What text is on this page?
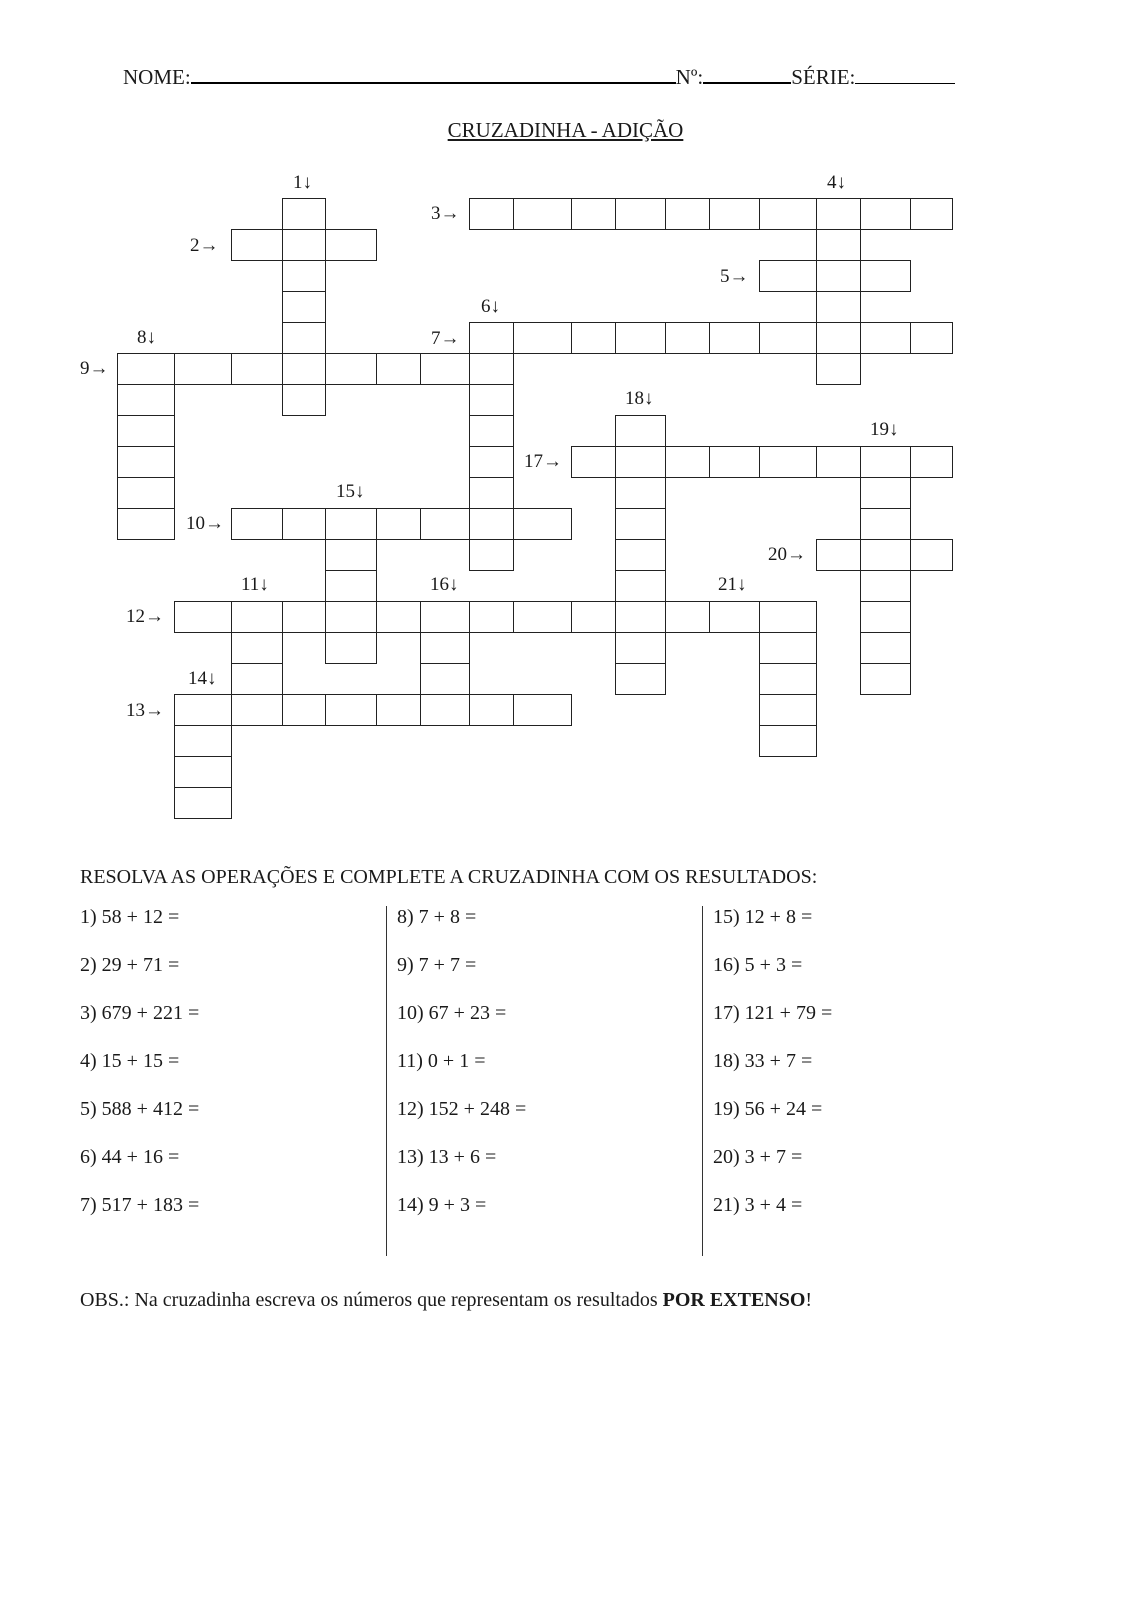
NOME:	Nº:	SÉRIE:
CRUZADINHA - ADIÇÃO
1↓
2→
3→
4↓
5→
6↓
7→
8↓
9→
10→
11↓
12→
13→
14↓
15↓
16↓
17→
18↓
19↓
20→
21↓
RESOLVA AS OPERAÇÕES E COMPLETE A CRUZADINHA COM OS RESULTADOS:
1) 58 + 12 =
2) 29 + 71 =
3) 679 + 221 =
4) 15 + 15 =
5) 588 + 412 =
6) 44 + 16 =
7) 517 + 183 =
8) 7 + 8 =
9) 7 + 7 =
10) 67 + 23 =
11) 0 + 1 =
12) 152 + 248 =
13) 13 + 6 =
14) 9 + 3 =
15) 12 + 8 =
16) 5 + 3 =
17) 121 + 79 =
18) 33 + 7 =
19) 56 + 24 =
20) 3 + 7 =
21) 3 + 4 =
OBS.: Na cruzadinha escreva os números que representam os resultados POR EXTENSO!
